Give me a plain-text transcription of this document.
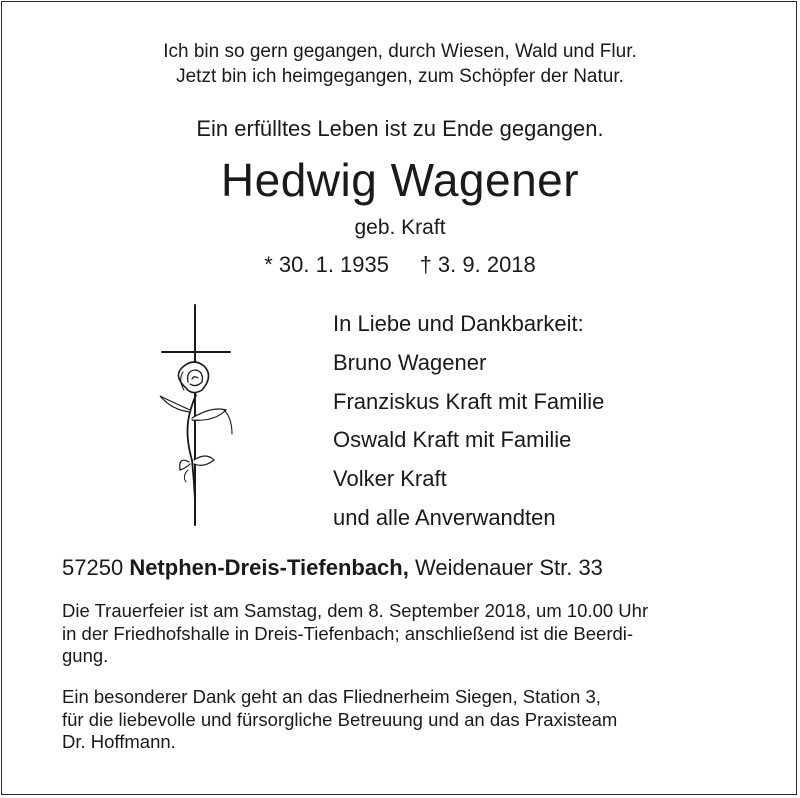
Ich bin so gern gegangen, durch Wiesen, Wald und Flur.
Jetzt bin ich heimgegangen, zum Schöpfer der Natur.
Ein erfülltes Leben ist zu Ende gegangen.
Hedwig Wagener
geb. Kraft
* 30. 1. 1935 † 3. 9. 2018
In Liebe und Dankbarkeit:
Bruno Wagener
Franziskus Kraft mit Familie
Oswald Kraft mit Familie
Volker Kraft
und alle Anverwandten
57250 Netphen-Dreis-Tiefenbach, Weidenauer Str. 33
Die Trauerfeier ist am Samstag, dem 8. September 2018, um 10.00 Uhr
in der Friedhofshalle in Dreis-Tiefenbach; anschließend ist die Beerdi-
gung.
Ein besonderer Dank geht an das Fliednerheim Siegen, Station 3,
für die liebevolle und fürsorgliche Betreuung und an das Praxisteam
Dr. Hoffmann.
